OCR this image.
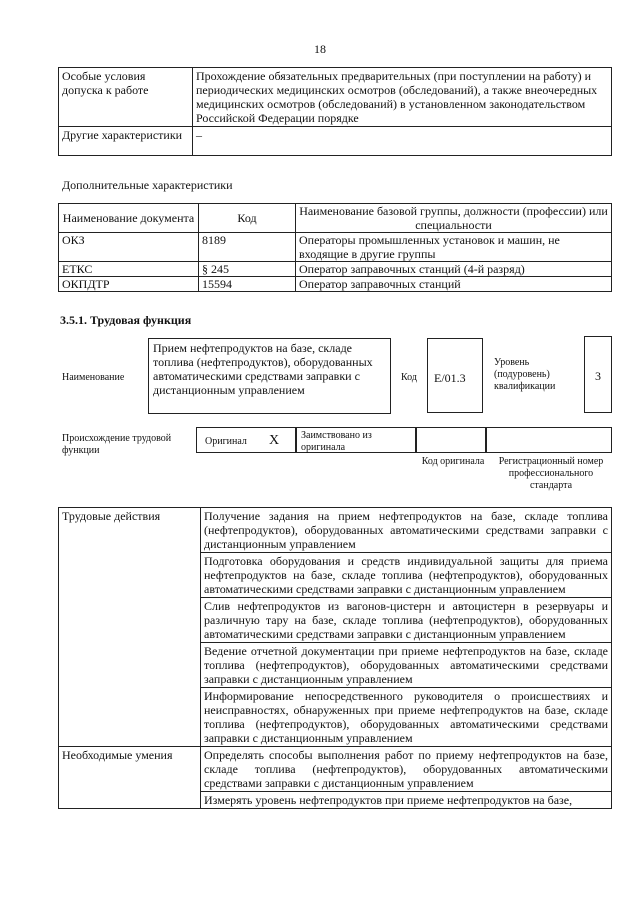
18
Особые условия допуска к работе	Прохождение обязательных предварительных (при поступлении на работу) и периодических медицинских осмотров (обследований), а также внеочередных медицинских осмотров (обследований) в установленном законодательством Российской Федерации порядке
Другие характеристики	–
Дополнительные характеристики
Наименование документа	Код	Наименование базовой группы, должности (профессии) или специальности
ОКЗ	8189	Операторы промышленных установок и машин, не входящие в другие группы
ЕТКС	§ 245	Оператор заправочных станций (4-й разряд)
ОКПДТР	15594	Оператор заправочных станций
3.5.1. Трудовая функция
Наименование
Прием нефтепродуктов на базе, складе топлива (нефтепродуктов), оборудованных автоматическими средствами заправки с дистанционным управлением
Код	E/01.3
Уровень (подуровень) квалификации
3
Происхождение трудовой функции
Оригинал X Заимствовано из оригинала
Код оригинала	Регистрационный номер профессионального стандарта
Трудовые действия	Получение задания на прием нефтепродуктов на базе, складе топлива (нефтепродуктов), оборудованных автоматическими средствами заправки с дистанционным управлением
	Подготовка оборудования и средств индивидуальной защиты для приема нефтепродуктов на базе, складе топлива (нефтепродуктов), оборудованных автоматическими средствами заправки с дистанционным управлением
	Слив нефтепродуктов из вагонов-цистерн и автоцистерн в резервуары и различную тару на базе, складе топлива (нефтепродуктов), оборудованных автоматическими средствами заправки с дистанционным управлением
	Ведение отчетной документации при приеме нефтепродуктов на базе, складе топлива (нефтепродуктов), оборудованных автоматическими средствами заправки с дистанционным управлением
	Информирование непосредственного руководителя о происшествиях и неисправностях, обнаруженных при приеме нефтепродуктов на базе, складе топлива (нефтепродуктов), оборудованных автоматическими средствами заправки с дистанционным управлением
Необходимые умения	Определять способы выполнения работ по приему нефтепродуктов на базе, складе топлива (нефтепродуктов), оборудованных автоматическими средствами заправки с дистанционным управлением
	Измерять уровень нефтепродуктов при приеме нефтепродуктов на базе,
